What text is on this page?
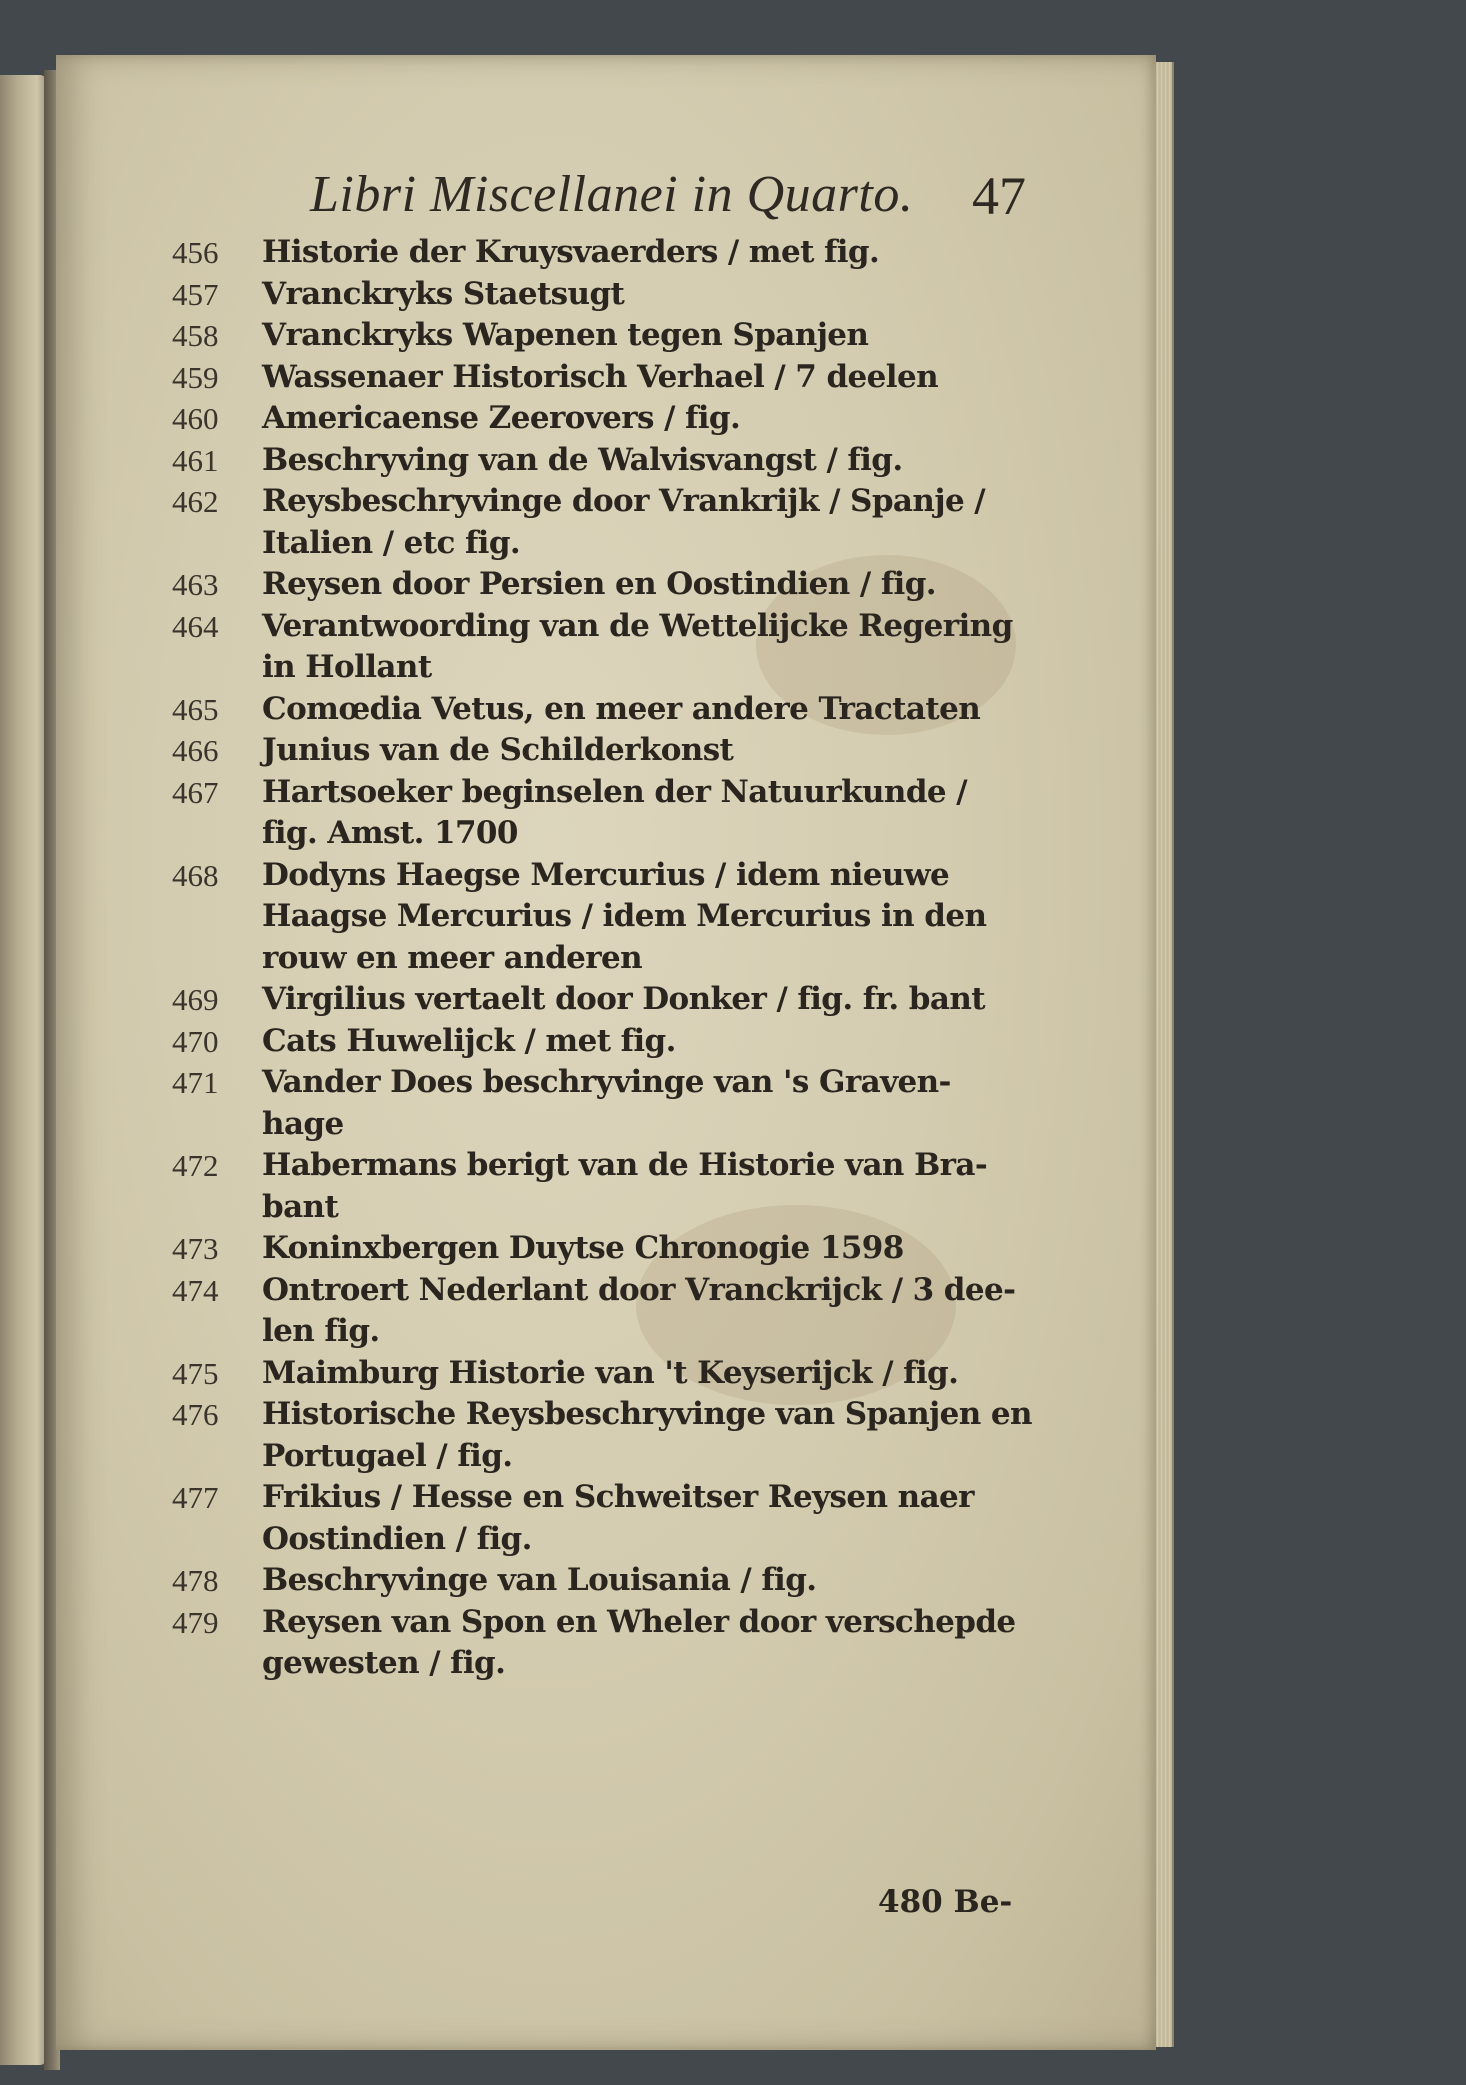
Libri Miscellanei in Quarto. 47
456 Historie der Kruysvaerders / met fig.
457 Vranckryks Staetsugt
458 Vranckryks Wapenen tegen Spanjen
459 Wassenaer Historisch Verhael / 7 deelen
460 Americaense Zeerovers / fig.
461 Beschryving van de Walvisvangst / fig.
462 Reysbeschryvinge door Vrankrijk / Spanje /
Italien / etc fig.
463 Reysen door Persien en Oostindien / fig.
464 Verantwoording van de Wettelijcke Regering
in Hollant
465 Comœdia Vetus, en meer andere Tractaten
466 Junius van de Schilderkonst
467 Hartsoeker beginselen der Natuurkunde /
fig. Amst. 1700
468 Dodyns Haegse Mercurius / idem nieuwe
Haagse Mercurius / idem Mercurius in den
rouw en meer anderen
469 Virgilius vertaelt door Donker / fig. fr. bant
470 Cats Huwelijck / met fig.
471 Vander Does beschryvinge van 's Graven-
hage
472 Habermans berigt van de Historie van Bra-
bant
473 Koninxbergen Duytse Chronogie 1598
474 Ontroert Nederlant door Vranckrijck / 3 dee-
len fig.
475 Maimburg Historie van 't Keyserijck / fig.
476 Historische Reysbeschryvinge van Spanjen en
Portugael / fig.
477 Frikius / Hesse en Schweitser Reysen naer
Oostindien / fig.
478 Beschryvinge van Louisania / fig.
479 Reysen van Spon en Wheler door verschepde
gewesten / fig.
480 Be-
